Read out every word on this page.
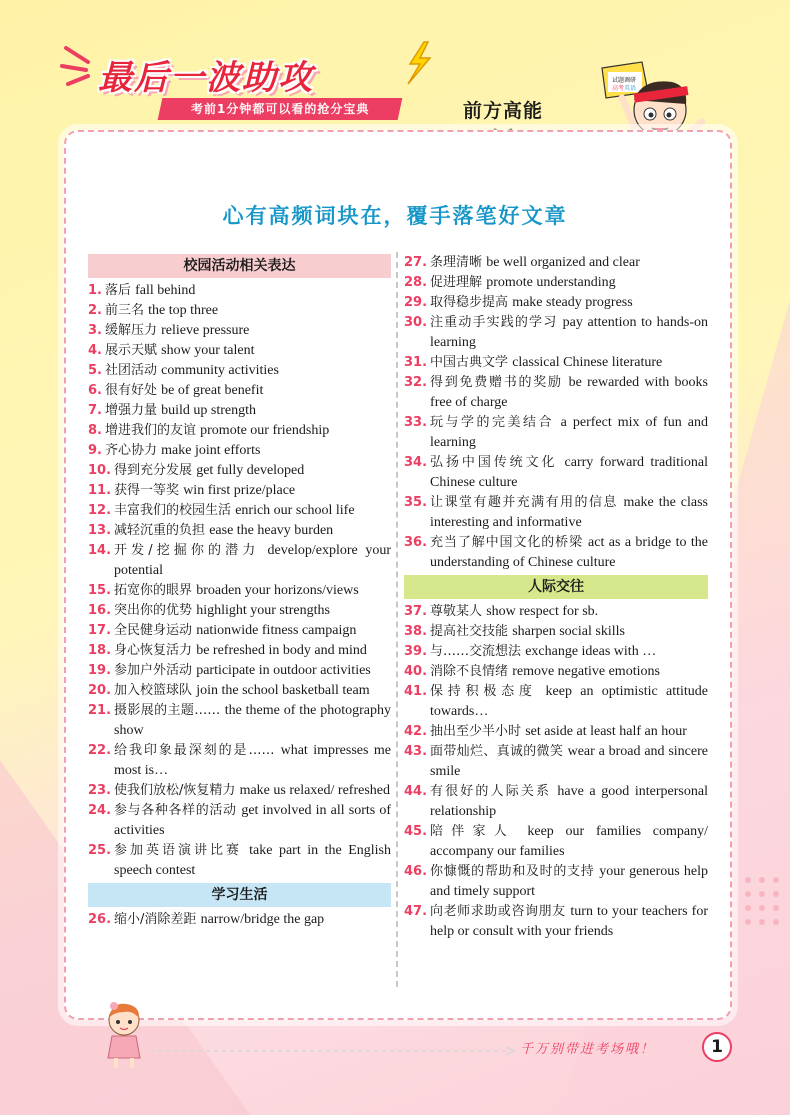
最后一波助攻
考前1分钟都可以看的抢分宝典	前方高能
试题调研
高考 英语
心有高频词块在，覆手落笔好文章
校园活动相关表达
1. 落后 fall behind
2. 前三名 the top three
3. 缓解压力 relieve pressure
4. 展示天赋 show your talent
5. 社团活动 community activities
6. 很有好处 be of great benefit
7. 增强力量 build up strength
8. 增进我们的友谊 promote our friendship
9. 齐心协力 make joint efforts
10. 得到充分发展 get fully developed
11. 获得一等奖 win first prize/place
12. 丰富我们的校园生活 enrich our school life
13. 减轻沉重的负担 ease the heavy burden
14. 开发/挖掘你的潜力 develop/explore your potential
15. 拓宽你的眼界 broaden your horizons/views
16. 突出你的优势 highlight your strengths
17. 全民健身运动 nationwide fitness campaign
18. 身心恢复活力 be refreshed in body and mind
19. 参加户外活动 participate in outdoor activities
20. 加入校篮球队 join the school basketball team
21. 摄影展的主题…… the theme of the photography show
22. 给我印象最深刻的是…… what impresses me most is…
23. 使我们放松/恢复精力 make us relaxed/ refreshed
24. 参与各种各样的活动 get involved in all sorts of activities
25. 参加英语演讲比赛 take part in the English speech contest
学习生活
26. 缩小/消除差距 narrow/bridge the gap
27. 条理清晰 be well organized and clear
28. 促进理解 promote understanding
29. 取得稳步提高 make steady progress
30. 注重动手实践的学习 pay attention to hands-on learning
31. 中国古典文学 classical Chinese literature
32. 得到免费赠书的奖励 be rewarded with books free of charge
33. 玩与学的完美结合 a perfect mix of fun and learning
34. 弘扬中国传统文化 carry forward traditional Chinese culture
35. 让课堂有趣并充满有用的信息 make the class interesting and informative
36. 充当了解中国文化的桥梁 act as a bridge to the understanding of Chinese culture
人际交往
37. 尊敬某人 show respect for sb.
38. 提高社交技能 sharpen social skills
39. 与……交流想法 exchange ideas with …
40. 消除不良情绪 remove negative emotions
41. 保持积极态度 keep an optimistic attitude towards…
42. 抽出至少半小时 set aside at least half an hour
43. 面带灿烂、真诚的微笑 wear a broad and sincere smile
44. 有很好的人际关系 have a good interpersonal relationship
45. 陪伴家人 keep our families company/ accompany our families
46. 你慷慨的帮助和及时的支持 your generous help and timely support
47. 向老师求助或咨询朋友 turn to your teachers for help or consult with your friends
千万别带进考场哦！	1
